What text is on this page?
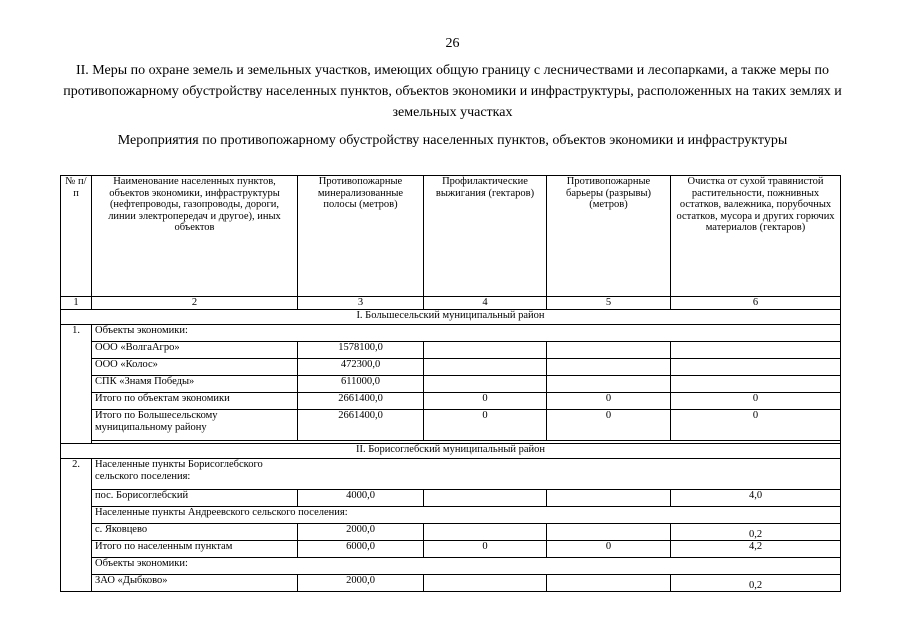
26
II. Меры по охране земель и земельных участков, имеющих общую границу с лесничествами и лесопарками, а также меры по противопожарному обустройству населенных пунктов, объектов экономики и инфраструктуры, расположенных на таких землях и земельных участках
Мероприятия по противопожарному обустройству населенных пунктов, объектов экономики и инфраструктуры
№ п/п	Наименование населенных пунктов, объектов экономики, инфраструктуры (нефтепроводы, газопроводы, дороги, линии электропередач и другое), иных объектов	Противопожарные минерализованные полосы (метров)	Профилактические выжигания (гектаров)	Противопожарные барьеры (разрывы) (метров)	Очистка от сухой травянистой растительности, пожнивных остатков, валежника, порубочных остатков, мусора и других горючих материалов (гектаров)
1	2	3	4	5	6
I. Большесельский муниципальный район					
1.	Объекты экономики:				
	ООО «ВолгаАгро»	1578100,0			
	ООО «Колос»	472300,0			
	СПК «Знамя Победы»	611000,0			
	Итого по объектам экономики	2661400,0	0	0	0
	Итого по Большесельскому муниципальному району	2661400,0	0	0	0

II. Борисоглебский муниципальный район					
2.	Населенные пункты Борисоглебского сельского поселения:				
	пос. Борисоглебский	4000,0			4,0
	Населенные пункты Андреевского сельского поселения:				
	с. Яковцево	2000,0			0,2
	Итого по населенным пунктам	6000,0	0	0	4,2
	Объекты экономики:				
	ЗАО «Дыбково»	2000,0			0,2
